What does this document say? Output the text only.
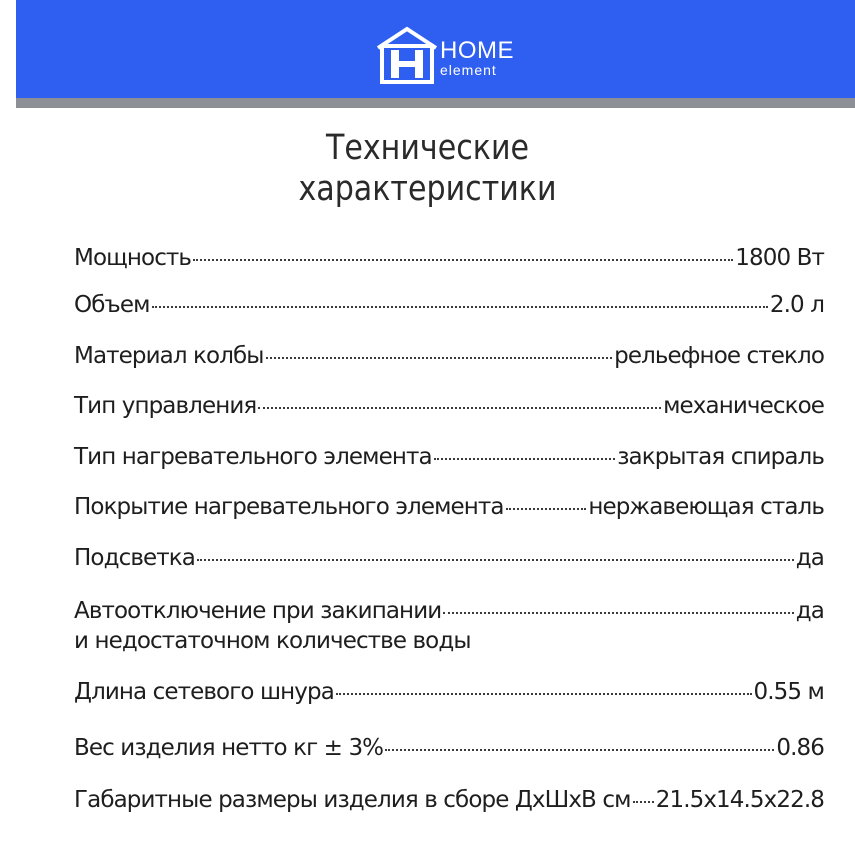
HOME
element
Технические
характеристики
Мощность	1800 Вт
Объем	2.0 л
Материал колбы	рельефное стекло
Тип управления	механическое
Тип нагревательного элемента	закрытая спираль
Покрытие нагревательного элемента	нержавеющая сталь
Подсветка	да
Автоотключение при закипании	да
и недостаточном количестве воды
Длина сетевого шнура	0.55 м
Вес изделия нетто кг ± 3%	0.86
Габаритные размеры изделия в сборе ДхШхВ см 21.5x14.5x22.8
